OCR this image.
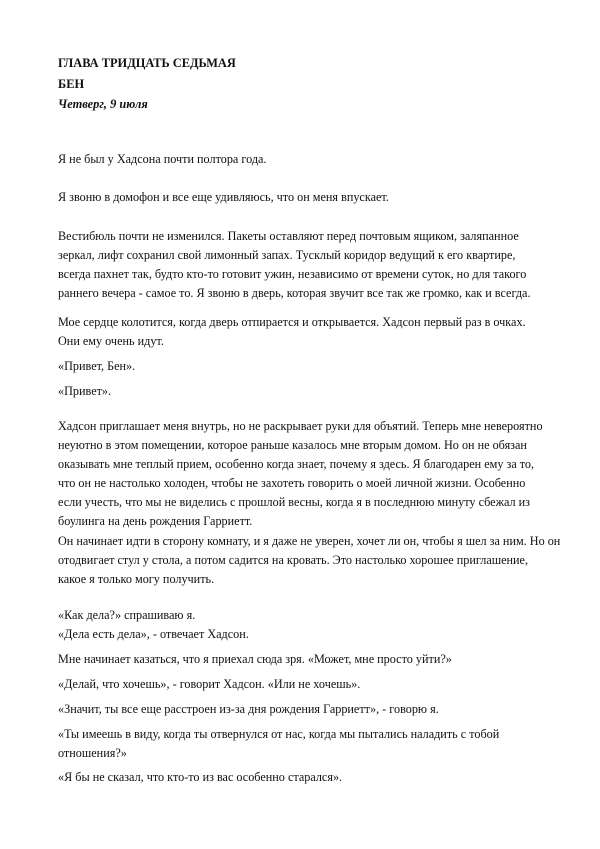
ГЛАВА ТРИДЦАТЬ СЕДЬМАЯ

БЕН

Четверг, 9 июля

Я не был у Хадсона почти полтора года.

Я звоню в домофон и все еще удивляюсь, что он меня впускает.

Вестибюль почти не изменился. Пакеты оставляют перед почтовым ящиком, заляпанное

зеркал, лифт сохранил свой лимонный запах. Тусклый коридор ведущий к его квартире,

всегда пахнет так, будто кто-то готовит ужин, независимо от времени суток, но для такого

раннего вечера - самое то. Я звоню в дверь, которая звучит все так же громко, как и всегда.

Мое сердце колотится, когда дверь отпирается и открывается. Хадсон первый раз в очках.

Они ему очень идут.

«Привет, Бен».

«Привет».

Хадсон приглашает меня внутрь, но не раскрывает руки для объятий. Теперь мне невероятно

неуютно в этом помещении, которое раньше казалось мне вторым домом. Но он не обязан

оказывать мне теплый прием, особенно когда знает, почему я здесь. Я благодарен ему за то,

что он не настолько холоден, чтобы не захотеть говорить о моей личной жизни. Особенно

если учесть, что мы не виделись с прошлой весны, когда я в последнюю минуту сбежал из

боулинга на день рождения Гарриетт.

Он начинает идти в сторону комнату, и я даже не уверен, хочет ли он, чтобы я шел за ним. Но он

отодвигает стул у стола, а потом садится на кровать. Это настолько хорошее приглашение,

какое я только могу получить.

«Как дела?» спрашиваю я.

«Дела есть дела», - отвечает Хадсон.

Мне начинает казаться, что я приехал сюда зря. «Может, мне просто уйти?»

«Делай, что хочешь», - говорит Хадсон. «Или не хочешь».

«Значит, ты все еще расстроен из-за дня рождения Гарриетт», - говорю я.

«Ты имеешь в виду, когда ты отвернулся от нас, когда мы пытались наладить с тобой

отношения?»

«Я бы не сказал, что кто-то из вас особенно старался».
